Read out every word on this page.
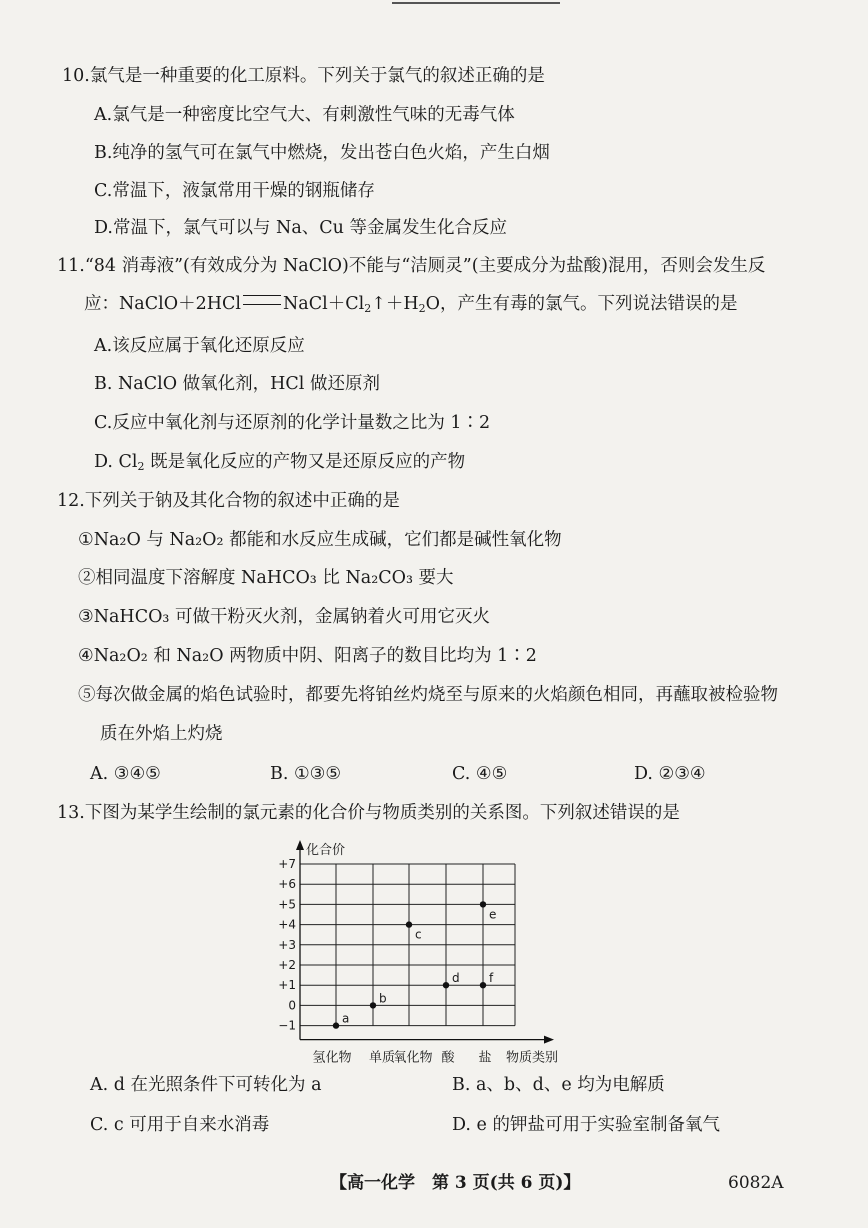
10.氯气是一种重要的化工原料。下列关于氯气的叙述正确的是
A.氯气是一种密度比空气大、有刺激性气味的无毒气体
B.纯净的氢气可在氯气中燃烧，发出苍白色火焰，产生白烟
C.常温下，液氯常用干燥的钢瓶储存
D.常温下，氯气可以与 Na、Cu 等金属发生化合反应
11.“84 消毒液”(有效成分为 NaClO)不能与“洁厕灵”(主要成分为盐酸)混用，否则会发生反
应：NaClO＋2HCl $NaCl+Cl_2↑+H_2O$，产生有毒的氯气。下列说法错误的是
A.该反应属于氧化还原反应
B. NaClO 做氧化剂，HCl 做还原剂
C.反应中氧化剂与还原剂的化学计量数之比为 1∶2
D. $Cl_2$ 既是氧化反应的产物又是还原反应的产物
12.下列关于钠及其化合物的叙述中正确的是
①Na₂O 与 Na₂O₂ 都能和水反应生成碱，它们都是碱性氧化物
②相同温度下溶解度 NaHCO₃ 比 Na₂CO₃ 要大
③NaHCO₃ 可做干粉灭火剂，金属钠着火可用它灭火
④Na₂O₂ 和 Na₂O 两物质中阴、阳离子的数目比均为 1∶2
⑤每次做金属的焰色试验时，都要先将铂丝灼烧至与原来的火焰颜色相同，再蘸取被检验物
质在外焰上灼烧
A. ③④⑤	B. ①③⑤	C. ④⑤	D. ②③④
13.下图为某学生绘制的氯元素的化合价与物质类别的关系图。下列叙述错误的是
+7
+6
+5
+4
+3
+2
+1
0
−1
化合价
氢化物 单质
氧化物 酸 盐 物质类别
a
b
c
d
e
f
A. d 在光照条件下可转化为 a	B. a、b、d、e 均为电解质
C. c 可用于自来水消毒	D. e 的钾盐可用于实验室制备氧气
【高一化学　第 3 页(共 6 页)】	6082A
